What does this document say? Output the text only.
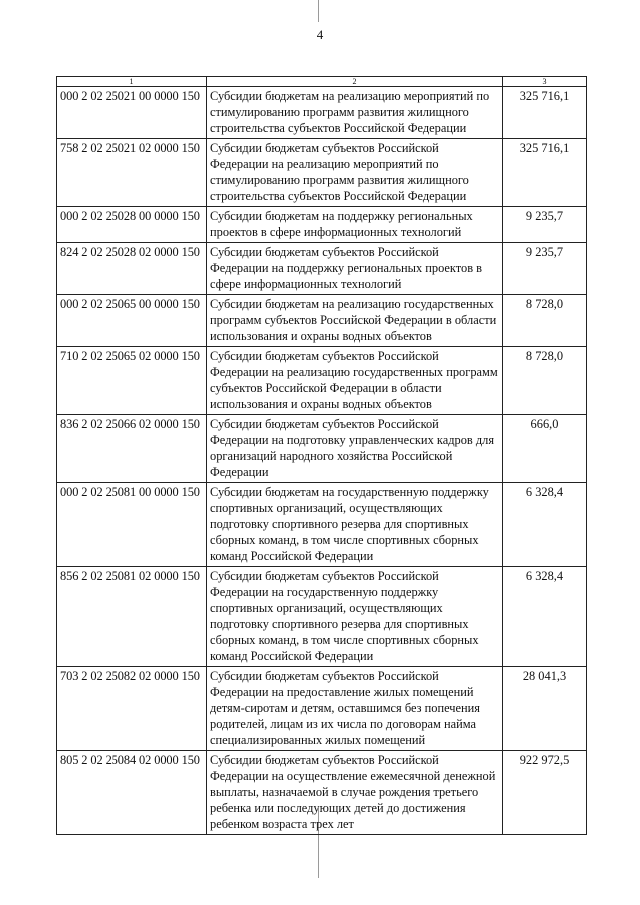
4
1	2	3
000 2 02 25021 00 0000 150	Субсидии бюджетам на реализацию мероприятий по стимулированию программ развития жилищного строительства субъектов Российской Федерации	325 716,1
758 2 02 25021 02 0000 150	Субсидии бюджетам субъектов Российской Федерации на реализацию мероприятий по стимулированию программ развития жилищного строительства субъектов Российской Федерации	325 716,1
000 2 02 25028 00 0000 150	Субсидии бюджетам на поддержку региональных проектов в сфере информационных технологий	9 235,7
824 2 02 25028 02 0000 150	Субсидии бюджетам субъектов Российской Федерации на поддержку региональных проектов в сфере информационных технологий	9 235,7
000 2 02 25065 00 0000 150	Субсидии бюджетам на реализацию государственных программ субъектов Российской Федерации в области использования и охраны водных объектов	8 728,0
710 2 02 25065 02 0000 150	Субсидии бюджетам субъектов Российской Федерации на реализацию государственных программ субъектов Российской Федерации в области использования и охраны водных объектов	8 728,0
836 2 02 25066 02 0000 150	Субсидии бюджетам субъектов Российской Федерации на подготовку управленческих кадров для организаций народного хозяйства Российской Федерации	666,0
000 2 02 25081 00 0000 150	Субсидии бюджетам на государственную поддержку спортивных организаций, осуществляющих подготовку спортивного резерва для спортивных сборных команд, в том числе спортивных сборных команд Российской Федерации	6 328,4
856 2 02 25081 02 0000 150	Субсидии бюджетам субъектов Российской Федерации на государственную поддержку спортивных организаций, осуществляющих подготовку спортивного резерва для спортивных сборных команд, в том числе спортивных сборных команд Российской Федерации	6 328,4
703 2 02 25082 02 0000 150	Субсидии бюджетам субъектов Российской Федерации на предоставление жилых помещений детям-сиротам и детям, оставшимся без попечения родителей, лицам из их числа по договорам найма специализированных жилых помещений	28 041,3
805 2 02 25084 02 0000 150	Субсидии бюджетам субъектов Российской Федерации на осуществление ежемесячной денежной выплаты, назначаемой в случае рождения третьего ребенка или последующих детей до достижения ребенком возраста трех лет	922 972,5
